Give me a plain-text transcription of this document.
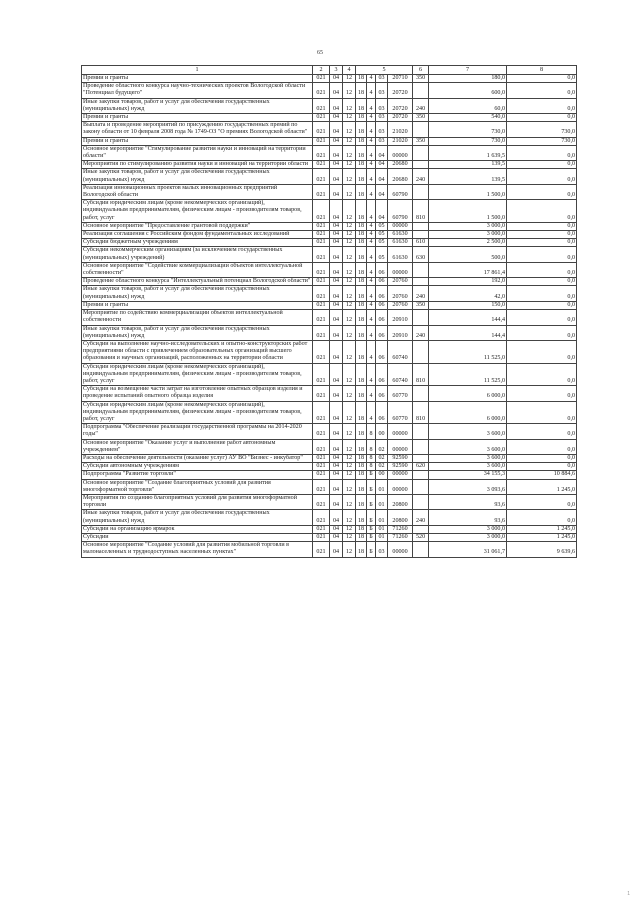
65
1	2	3	4	5				6	7	8
Премии и гранты	021	04	12	18	4	03	20710	350	180,0	0,0
Проведение областного конкурса научно-технических проектов Вологодской области "Потенциал будущего"	021	04	12	18	4	03	20720		600,0	0,0
Иные закупки товаров, работ и услуг для обеспечения государственных (муниципальных) нужд	021	04	12	18	4	03	20720	240	60,0	0,0
Премии и гранты	021	04	12	18	4	03	20720	350	540,0	0,0
Выплата и проведение мероприятий по присуждению государственных премий по закону области от 10 февраля 2008 года № 1749-ОЗ "О премиях Вологодской области"	021	04	12	18	4	03	21020		730,0	730,0
Премии и гранты	021	04	12	18	4	03	21020	350	730,0	730,0
Основное мероприятие "Стимулирование развития науки и инноваций на территории области"	021	04	12	18	4	04	00000		1 639,5	0,0
Мероприятия по стимулированию развития науки и инноваций на территории области	021	04	12	18	4	04	20680		139,5	0,0
Иные закупки товаров, работ и услуг для обеспечения государственных (муниципальных) нужд	021	04	12	18	4	04	20680	240	139,5	0,0
Реализация инновационных проектов малых инновационных предприятий Вологодской области	021	04	12	18	4	04	60790		1 500,0	0,0
Субсидии юридическим лицам (кроме некоммерческих организаций), индивидуальным предпринимателям, физическим лицам - производителям товаров, работ, услуг	021	04	12	18	4	04	60790	810	1 500,0	0,0
Основное мероприятие "Предоставление грантовой поддержки"	021	04	12	18	4	05	00000		3 000,0	0,0
Реализация соглашения с Российским фондом фундаментальных исследований	021	04	12	18	4	05	61630		3 000,0	0,0
Субсидии бюджетным учреждениям	021	04	12	18	4	05	61630	610	2 500,0	0,0
Субсидии некоммерческим организациям (за исключением государственных (муниципальных) учреждений)	021	04	12	18	4	05	61630	630	500,0	0,0
Основное мероприятие "Содействие коммерциализации объектов интеллектуальной собственности"	021	04	12	18	4	06	00000		17 861,4	0,0
Проведение областного конкурса "Интеллектуальный потенциал Вологодской области"	021	04	12	18	4	06	20760		192,0	0,0
Иные закупки товаров, работ и услуг для обеспечения государственных (муниципальных) нужд	021	04	12	18	4	06	20760	240	42,0	0,0
Премии и гранты	021	04	12	18	4	06	20760	350	150,0	0,0
Мероприятие по содействию коммерциализации объектов интеллектуальной собственности	021	04	12	18	4	06	20910		144,4	0,0
Иные закупки товаров, работ и услуг для обеспечения государственных (муниципальных) нужд	021	04	12	18	4	06	20910	240	144,4	0,0
Субсидии на выполнение научно-исследовательских и опытно-конструкторских работ предприятиями области с привлечением образовательных организаций высшего образования и научных организаций, расположенных на территории области	021	04	12	18	4	06	60740		11 525,0	0,0
Субсидии юридическим лицам (кроме некоммерческих организаций), индивидуальным предпринимателям, физическим лицам - производителям товаров, работ, услуг	021	04	12	18	4	06	60740	810	11 525,0	0,0
Субсидии на возмещение части затрат на изготовление опытных образцов изделия и проведение испытаний опытного образца изделия	021	04	12	18	4	06	60770		6 000,0	0,0
Субсидии юридическим лицам (кроме некоммерческих организаций), индивидуальным предпринимателям, физическим лицам - производителям товаров, работ, услуг	021	04	12	18	4	06	60770	810	6 000,0	0,0
Подпрограмма "Обеспечение реализации государственной программы на 2014-2020 годы"	021	04	12	18	8	00	00000		3 600,0	0,0
Основное мероприятие "Оказание услуг и выполнение работ автономным учреждением"	021	04	12	18	8	02	00000		3 600,0	0,0
Расходы на обеспечение деятельности (оказание услуг) АУ ВО "Бизнес - инкубатор"	021	04	12	18	8	02	92590		3 600,0	0,0
Субсидии автономным учреждениям	021	04	12	18	8	02	92590	620	3 600,0	0,0
Подпрограмма "Развитие торговли"	021	04	12	18	Б	00	00000		34 155,3	10 884,6
Основное мероприятие "Создание благоприятных условий для развития многоформатной торговли"	021	04	12	18	Б	01	00000		3 093,6	1 245,0
Мероприятия по созданию благоприятных условий для развития многоформатной торговли	021	04	12	18	Б	01	20800		93,6	0,0
Иные закупки товаров, работ и услуг для обеспечения государственных (муниципальных) нужд	021	04	12	18	Б	01	20800	240	93,6	0,0
Субсидии на организацию ярмарок	021	04	12	18	Б	01	71260		3 000,0	1 245,0
Субсидии	021	04	12	18	Б	01	71260	520	3 000,0	1 245,0
Основное мероприятие "Создание условий для развития мобильной торговли в малонаселенных и труднодоступных населенных пунктах"	021	04	12	18	Б	03	00000		31 061,7	9 639,6
1
